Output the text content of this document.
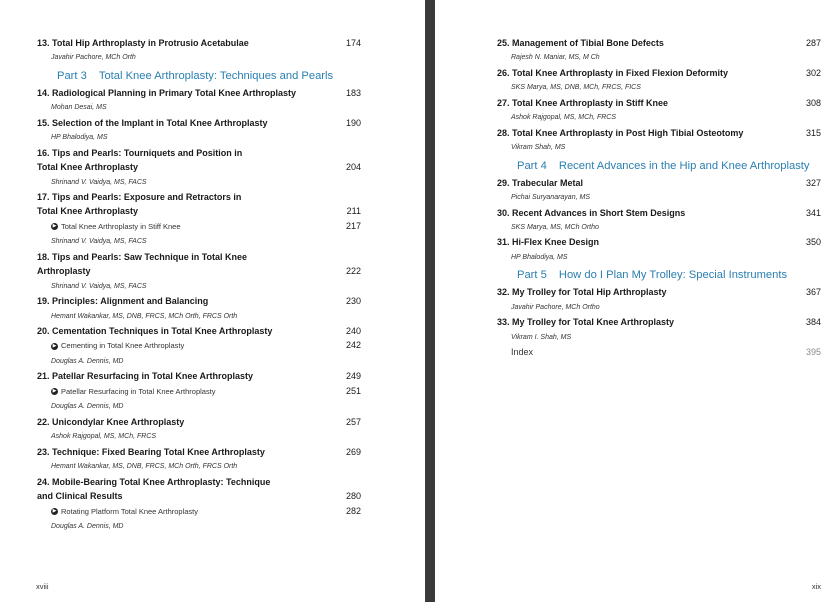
13. Total Hip Arthroplasty in Protrusio Acetabulae	174
Javahir Pachore, MCh Orth
Part 3 Total Knee Arthroplasty: Techniques and Pearls
14. Radiological Planning in Primary Total Knee Arthroplasty	183
Mohan Desai, MS
15. Selection of the Implant in Total Knee Arthroplasty	190
HP Bhalodiya, MS
16. Tips and Pearls: Tourniquets and Position in
Total Knee Arthroplasty	204
Shrinand V. Vaidya, MS, FACS
17. Tips and Pearls: Exposure and Retractors in
Total Knee Arthroplasty	211
▶ Total Knee Arthroplasty in Stiff Knee	217
Shrinand V. Vaidya, MS, FACS
18. Tips and Pearls: Saw Technique in Total Knee
Arthroplasty	222
Shrinand V. Vaidya, MS, FACS
19. Principles: Alignment and Balancing	230
Hemant Wakankar, MS, DNB, FRCS, MCh Orth, FRCS Orth
20. Cementation Techniques in Total Knee Arthroplasty	240
▶ Cementing in Total Knee Arthroplasty	242
Douglas A. Dennis, MD
21. Patellar Resurfacing in Total Knee Arthroplasty	249
▶ Patellar Resurfacing in Total Knee Arthroplasty	251
Douglas A. Dennis, MD
22. Unicondylar Knee Arthroplasty	257
Ashok Rajgopal, MS, MCh, FRCS
23. Technique: Fixed Bearing Total Knee Arthroplasty	269
Hemant Wakankar, MS, DNB, FRCS, MCh Orth, FRCS Orth
24. Mobile-Bearing Total Knee Arthroplasty: Technique
and Clinical Results	280
▶ Rotating Platform Total Knee Arthroplasty	282
Douglas A. Dennis, MD
xviii
25. Management of Tibial Bone Defects	287
Rajesh N. Maniar, MS, M Ch
26. Total Knee Arthroplasty in Fixed Flexion Deformity	302
SKS Marya, MS, DNB, MCh, FRCS, FICS
27. Total Knee Arthroplasty in Stiff Knee	308
Ashok Rajgopal, MS, MCh, FRCS
28. Total Knee Arthroplasty in Post High Tibial Osteotomy	315
Vikram Shah, MS
Part 4 Recent Advances in the Hip and Knee Arthroplasty
29. Trabecular Metal	327
Pichai Suryanarayan, MS
30. Recent Advances in Short Stem Designs	341
SKS Marya, MS, MCh Ortho
31. Hi-Flex Knee Design	350
HP Bhalodiya, MS
Part 5 How do I Plan My Trolley: Special Instruments
32. My Trolley for Total Hip Arthroplasty	367
Javahir Pachore, MCh Ortho
33. My Trolley for Total Knee Arthroplasty	384
Vikram I. Shah, MS
Index	395
xix
